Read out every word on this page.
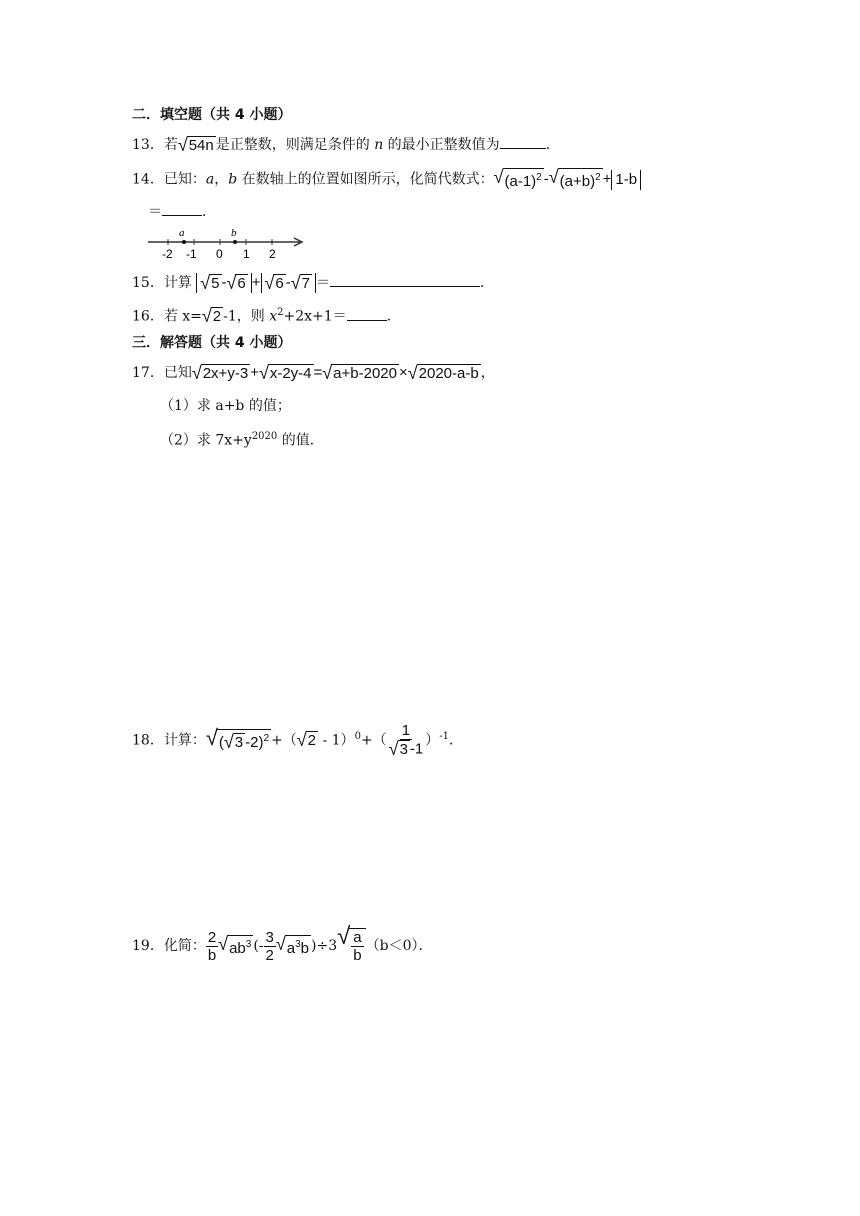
二．填空题（共 4 小题）
13．若 √ 54n 是正整数，则满足条件的 n 的最小正整数值为	．
14．已知：a，b 在数轴上的位置如图所示，化简代数式： √ $(a-1)^2$ - √ $(a+b)^2 + 1-b$
＝	．
a	b
-2 -1 0 1 2
15．计算 √ 5 - √ 6 + √ 6 - √ 7 ＝	．
16．若 x= √ 2 -1，则 $x^2+2x+1=$	．
三．解答题（共 4 小题）
17．已知 √ 2x+y-3 + √ x-2y-4 = √ a+b-2020 × √ 2020-a-b ，
（1）求 a+b 的值；
（2）求 $7x+y^{2020}$ 的值．
18．计算： √ ( √ 3 -2)$^2$ +（ √ $2 - 1)^0+( \frac{1}{√ 3 -1} )^{-1}$．
19．化简： $\frac{2}{b}$ √ $ab^3$ (- $\frac{3}{2}$ √ $a^3b$ )÷3 √ $\frac{a}{b} (b<0)$．
